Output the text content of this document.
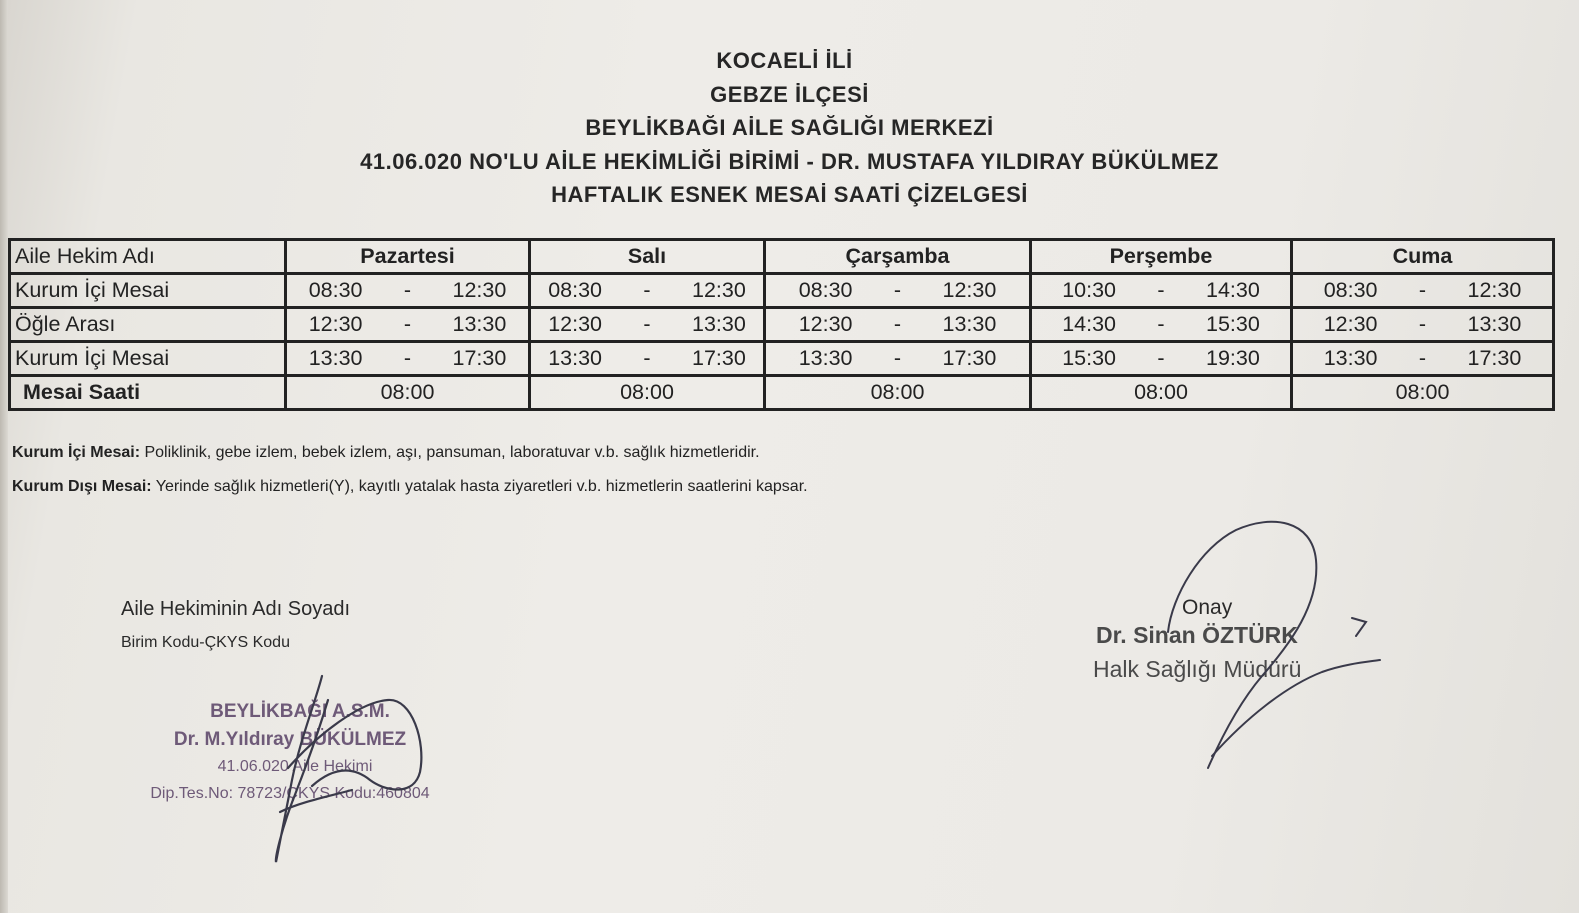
KOCAELİ İLİ
GEBZE İLÇESİ
BEYLİKBAĞI AİLE SAĞLIĞI MERKEZİ
41.06.020 NO'LU AİLE HEKİMLİĞİ BİRİMİ - DR. MUSTAFA YILDIRAY BÜKÜLMEZ
HAFTALIK ESNEK MESAİ SAATİ ÇİZELGESİ
Aile Hekim Adı	Pazartesi	Salı	Çarşamba	Perşembe	Cuma
Kurum İçi Mesai	08:30 - 12:30	08:30 - 12:30	08:30 - 12:30	10:30 - 14:30	08:30 - 12:30

Öğle Arası	12:30 - 13:30	12:30 - 13:30	12:30 - 13:30	14:30 - 15:30	12:30 - 13:30

Kurum İçi Mesai	13:30 - 17:30	13:30 - 17:30	13:30 - 17:30	15:30 - 19:30	13:30 - 17:30

Mesai Saati	08:00	08:00	08:00	08:00	08:00
Kurum İçi Mesai: Poliklinik, gebe izlem, bebek izlem, aşı, pansuman, laboratuvar v.b. sağlık hizmetleridir.
Kurum Dışı Mesai: Yerinde sağlık hizmetleri(Y), kayıtlı yatalak hasta ziyaretleri v.b. hizmetlerin saatlerini kapsar.
Aile Hekiminin Adı Soyadı
Birim Kodu-ÇKYS Kodu
BEYLİKBAĞI A.S.M.
Dr. M.Yıldıray BÜKÜLMEZ
41.06.020 Aile Hekimi
Dip.Tes.No: 78723/ÇKYS Kodu:460804
Onay
Dr. Sinan ÖZTÜRK
Halk Sağlığı Müdürü
